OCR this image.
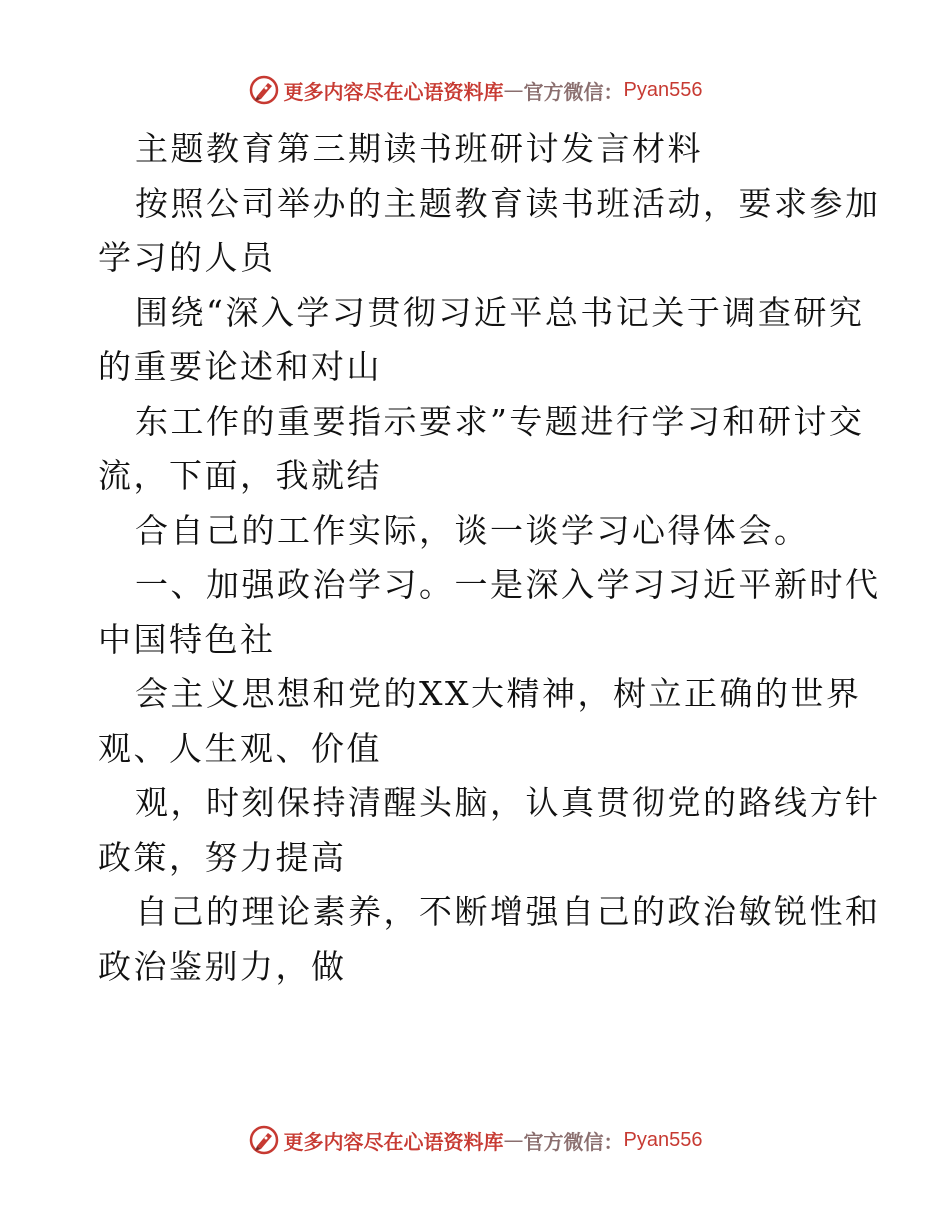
更多内容尽在心语资料库 — 官方微信： Pyan556
主题教育第三期读书班研讨发言材料
按照公司举办的主题教育读书班活动，要求参加
学习的人员
围绕“深入学习贯彻习近平总书记关于调查研究
的重要论述和对山
东工作的重要指示要求”专题进行学习和研讨交
流，下面，我就结
合自己的工作实际，谈一谈学习心得体会。
一、加强政治学习。一是深入学习习近平新时代
中国特色社
会主义思想和党的XX大精神，树立正确的世界
观、人生观、价值
观，时刻保持清醒头脑，认真贯彻党的路线方针
政策，努力提高
自己的理论素养，不断增强自己的政治敏锐性和
政治鉴别力，做
更多内容尽在心语资料库 — 官方微信： Pyan556
